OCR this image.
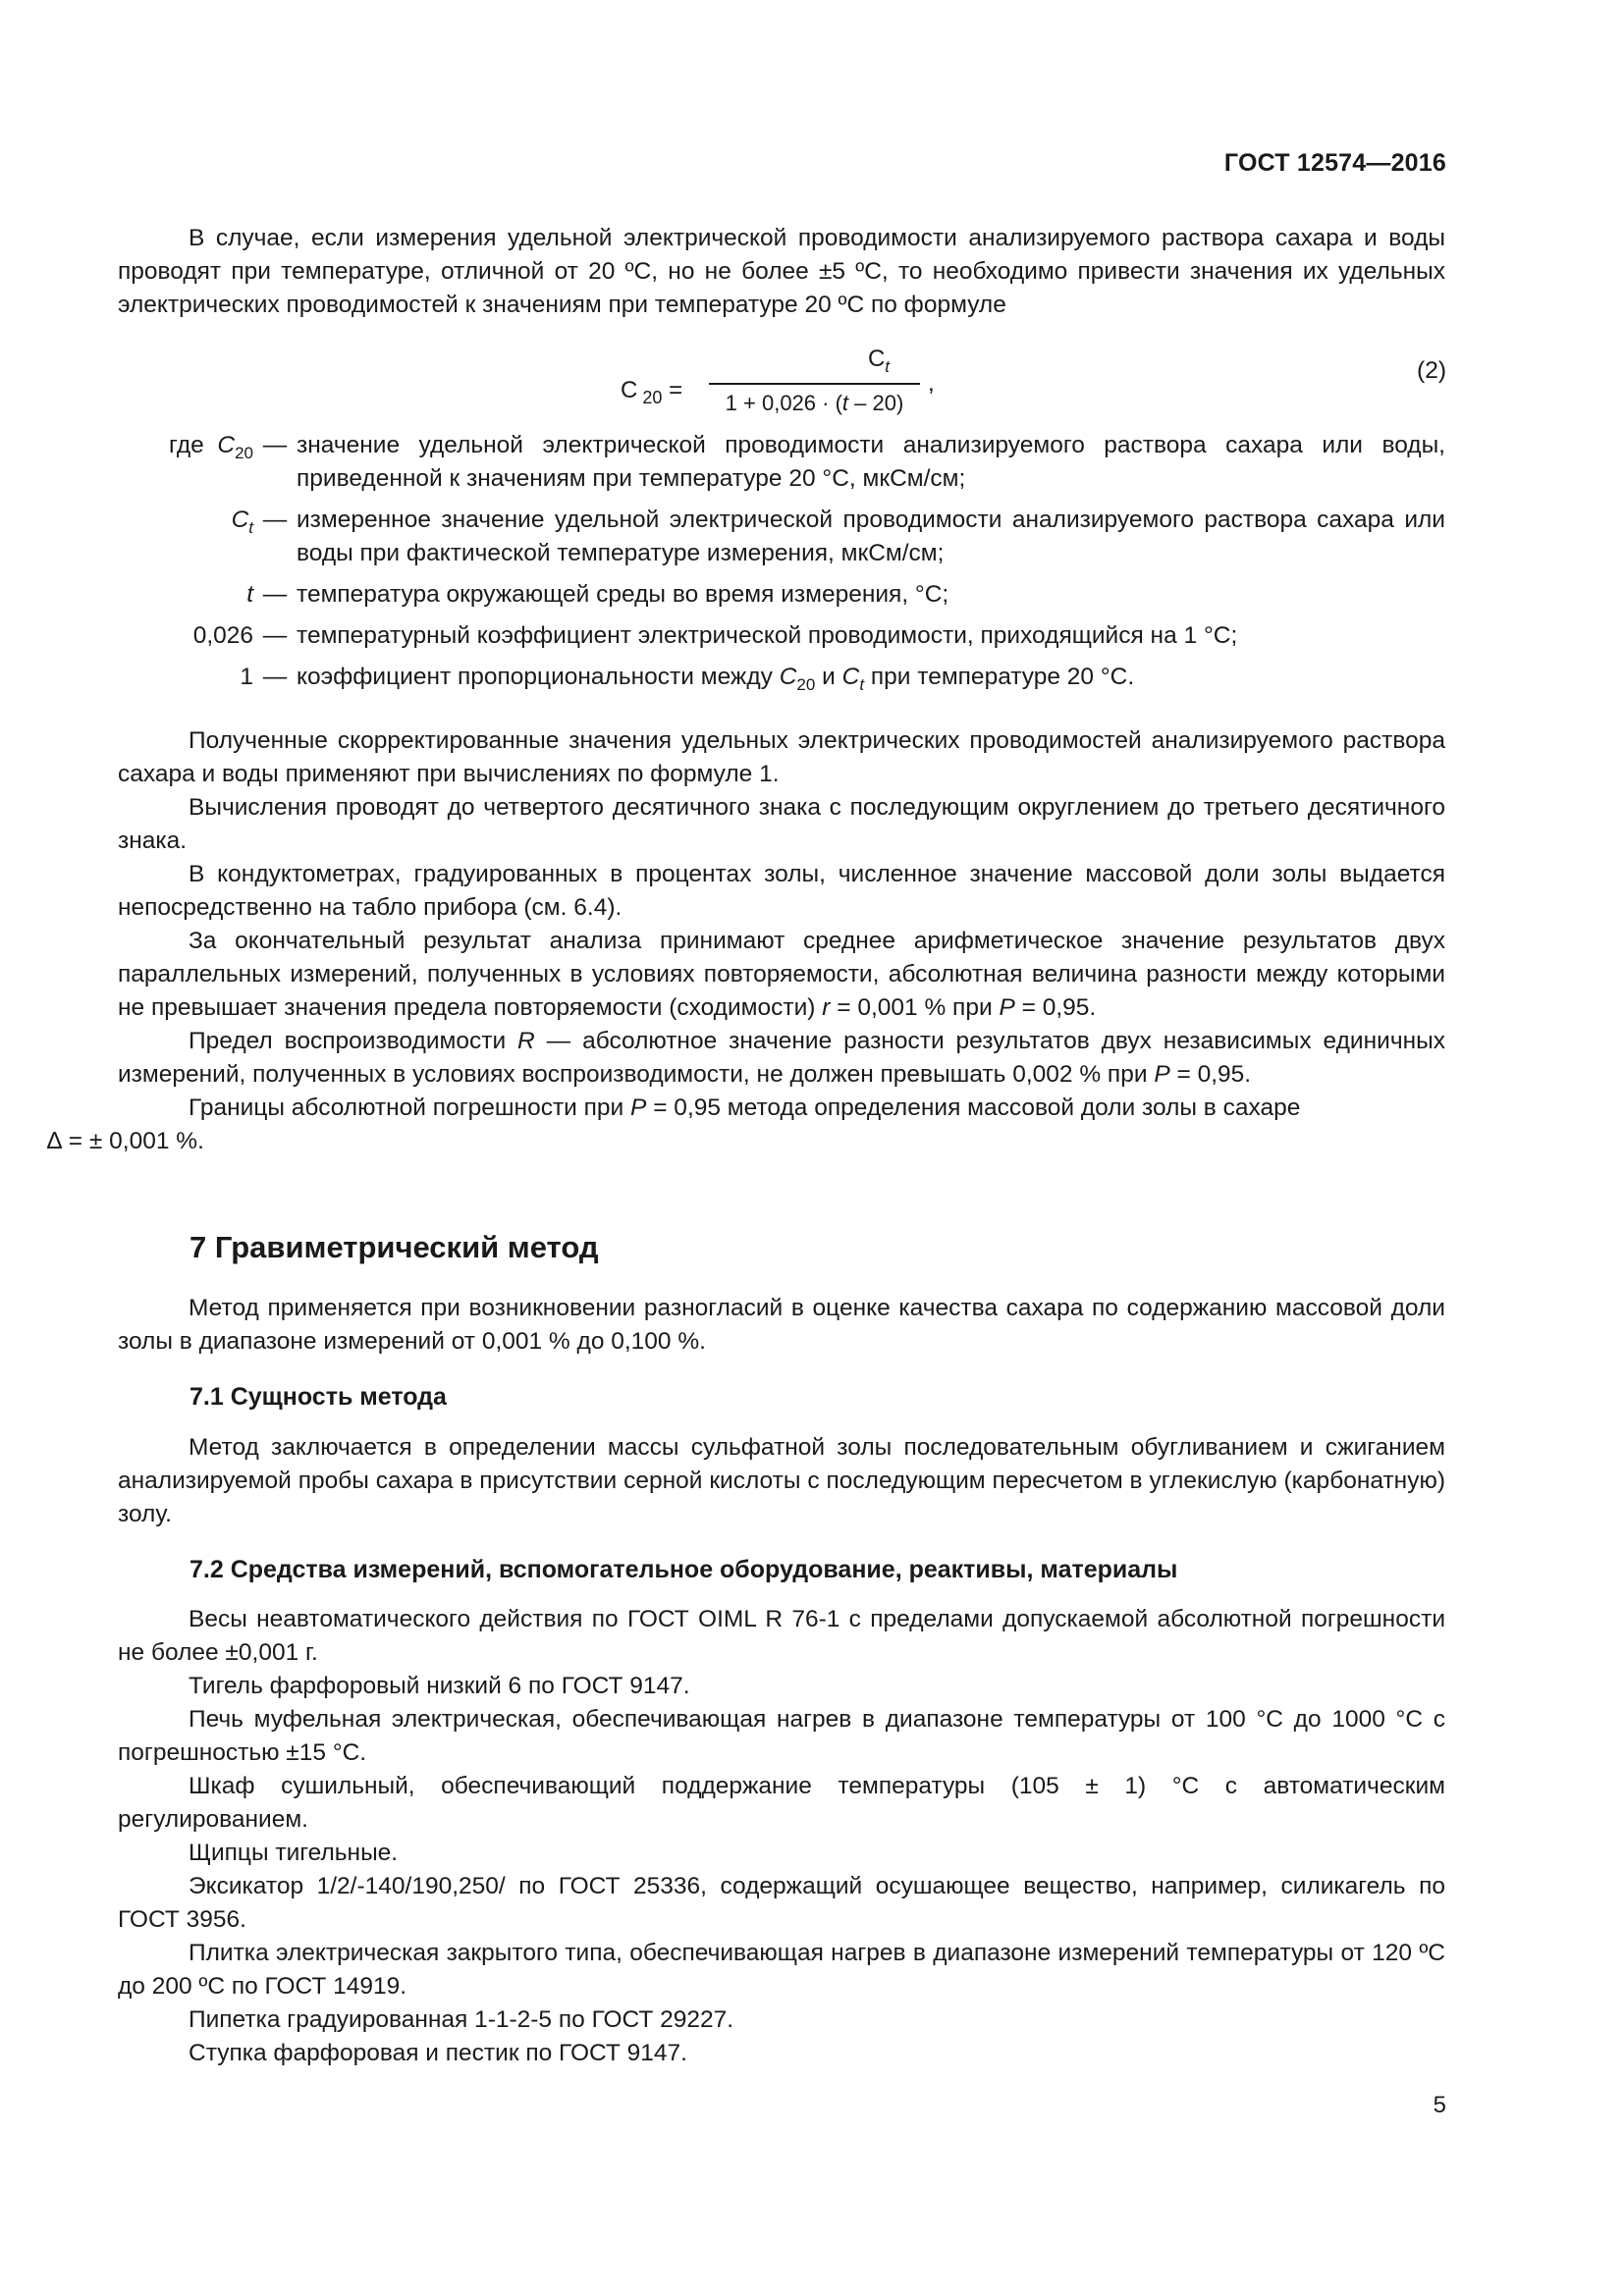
ГОСТ 12574—2016

В случае, если измерения удельной электрической проводимости анализируемого раствора сахара и воды проводят при температуре, отличной от 20 ºС, но не более ±5 ºС, то необходимо привести значения их удельных электрических проводимостей к значениям при температуре 20 ºС по формуле

C $_{20}$ =
$C_t$
1 + 0,026 · (t – 20)
,	(2)
где $C_{20}$ — значение удельной электрической проводимости анализируемого раствора сахара или воды, приведенной к значениям при температуре 20 °С, мкСм/см;
$C_t$ — измеренное значение удельной электрической проводимости анализируемого раствора сахара или воды при фактической температуре измерения, мкСм/см;
t — температура окружающей среды во время измерения, °С;
0,026 — температурный коэффициент электрической проводимости, приходящийся на 1 °С;
1 — коэффициент пропорциональности между $C_{20}$ и $C_t$ при температуре 20 °С.

Полученные скорректированные значения удельных электрических проводимостей анализируемого раствора сахара и воды применяют при вычислениях по формуле 1.

Вычисления проводят до четвертого десятичного знака с последующим округлением до третьего десятичного знака.

В кондуктометрах, градуированных в процентах золы, численное значение массовой доли золы выдается непосредственно на табло прибора (см. 6.4).

За окончательный результат анализа принимают среднее арифметическое значение результатов двух параллельных измерений, полученных в условиях повторяемости, абсолютная величина разности между которыми не превышает значения предела повторяемости (сходимости) r = 0,001 % при P = 0,95.

Предел воспроизводимости R — абсолютное значение разности результатов двух независимых единичных измерений, полученных в условиях воспроизводимости, не должен превышать 0,002 % при P = 0,95.

Границы абсолютной погрешности при P = 0,95 метода определения массовой доли золы в сахаре
∆ = ± 0,001 %.

7 Гравиметрический метод

Метод применяется при возникновении разногласий в оценке качества сахара по содержанию массовой доли золы в диапазоне измерений от 0,001 % до 0,100 %.

7.1 Сущность метода

Метод заключается в определении массы сульфатной золы последовательным обугливанием и сжиганием анализируемой пробы сахара в присутствии серной кислоты с последующим пересчетом в углекислую (карбонатную) золу.

7.2 Средства измерений, вспомогательное оборудование, реактивы, материалы

Весы неавтоматического действия по ГОСТ OIML R 76-1 с пределами допускаемой абсолютной погрешности не более ±0,001 г.

Тигель фарфоровый низкий 6 по ГОСТ 9147.

Печь муфельная электрическая, обеспечивающая нагрев в диапазоне температуры от 100 °С до 1000 °С с погрешностью ±15 °С.

Шкаф сушильный, обеспечивающий поддержание температуры (105 ± 1) °С с автоматическим регулированием.

Щипцы тигельные.

Эксикатор 1/2/-140/190,250/ по ГОСТ 25336, содержащий осушающее вещество, например, силикагель по ГОСТ 3956.

Плитка электрическая закрытого типа, обеспечивающая нагрев в диапазоне измерений температуры от 120 ºС до 200 ºС по ГОСТ 14919.

Пипетка градуированная 1-1-2-5 по ГОСТ 29227.

Ступка фарфоровая и пестик по ГОСТ 9147.

5
